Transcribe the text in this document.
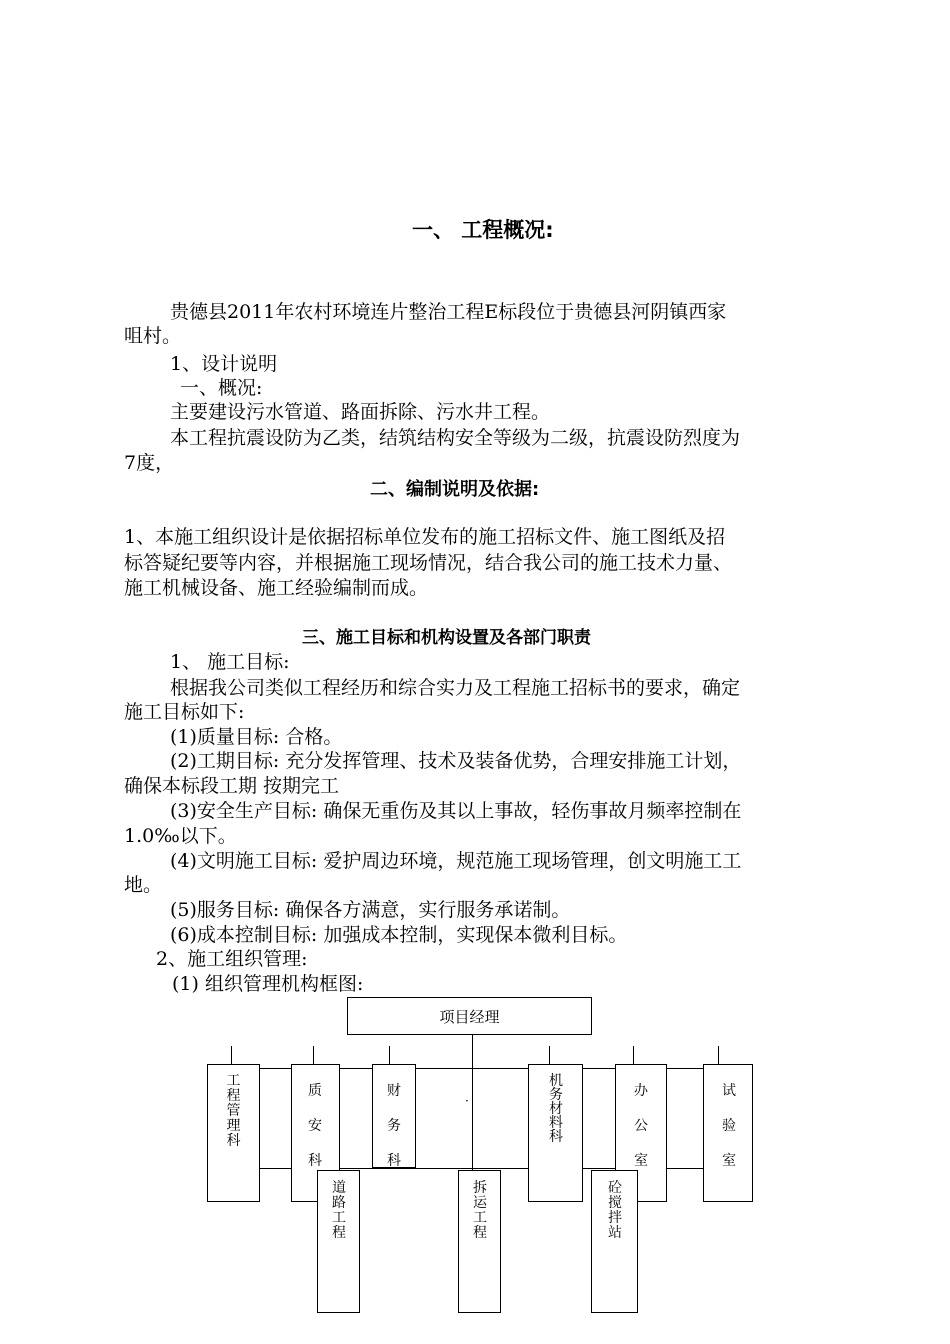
一、 工程概况:
贵德县2011年农村环境连片整治工程E标段位于贵德县河阴镇西家
咀村。
1、设计说明
一、概况:
主要建设污水管道、路面拆除、污水井工程。
本工程抗震设防为乙类，结筑结构安全等级为二级，抗震设防烈度为
7度，
二、编制说明及依据:
1、本施工组织设计是依据招标单位发布的施工招标文件、施工图纸及招
标答疑纪要等内容，并根据施工现场情况，结合我公司的施工技术力量、
施工机械设备、施工经验编制而成。
三、施工目标和机构设置及各部门职责
1、 施工目标:
根据我公司类似工程经历和综合实力及工程施工招标书的要求，确定
施工目标如下:
(1)质量目标: 合格。
(2)工期目标: 充分发挥管理、技术及装备优势，合理安排施工计划，
确保本标段工期 按期完工
(3)安全生产目标: 确保无重伤及其以上事故，轻伤事故月频率控制在
1.0‰以下。
(4)文明施工目标: 爱护周边环境，规范施工现场管理，创文明施工工
地。
(5)服务目标: 确保各方满意，实行服务承诺制。
(6)成本控制目标: 加强成本控制，实现保本微利目标。
2、施工组织管理:
(1) 组织管理机构框图:
项目经理
·
工程管理科
质安科
财务科
机务材料科
办公室
试验室
道路工程
拆运工程
砼搅拌站
